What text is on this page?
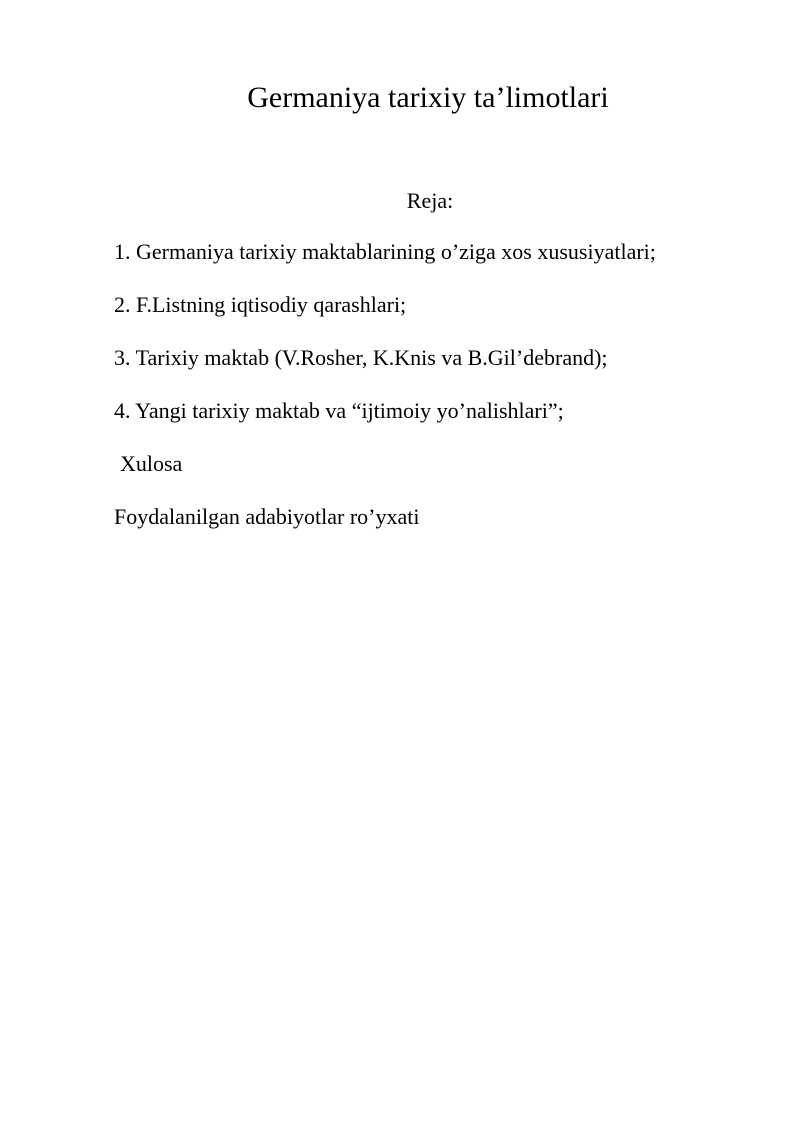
Germaniya tarixiy ta’limotlari
Reja:
1. Germaniya tarixiy maktablarining o’ziga xos xususiyatlari;
2. F.Listning iqtisodiy qarashlari;
3. Tarixiy maktab (V.Rosher, K.Knis va B.Gil’debrand);
4. Yangi tarixiy maktab va “ijtimoiy yo’nalishlari”;
Xulosa
Foydalanilgan adabiyotlar ro’yxati
